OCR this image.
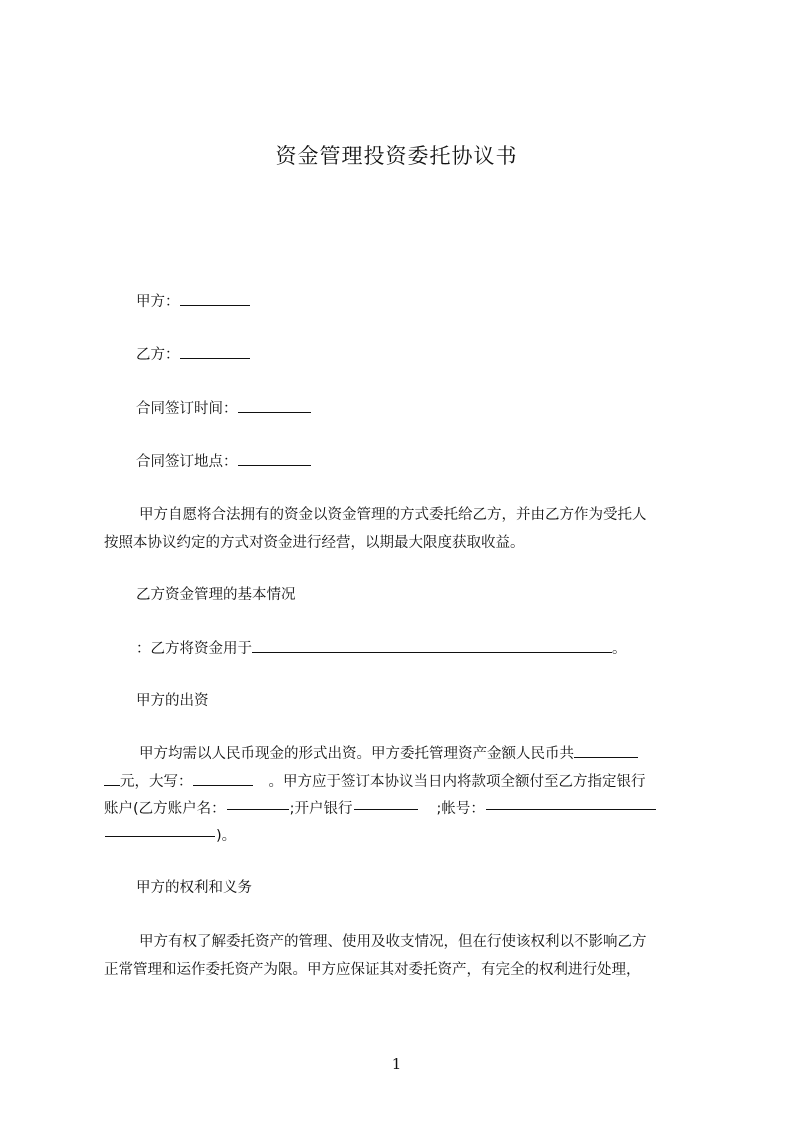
资金管理投资委托协议书
甲方：
乙方：
合同签订时间：
合同签订地点：
甲方自愿将合法拥有的资金以资金管理的方式委托给乙方，并由乙方作为受托人
按照本协议约定的方式对资金进行经营，以期最大限度获取收益。
乙方资金管理的基本情况
：乙方将资金用于	。
甲方的出资
甲方均需以人民币现金的形式出资。甲方委托管理资产金额人民币共
元，大写：	。甲方应于签订本协议当日内将款项全额付至乙方指定银行
账户(乙方账户名：	;开户银行	;帐号：
)。
甲方的权利和义务
甲方有权了解委托资产的管理、使用及收支情况，但在行使该权利以不影响乙方
正常管理和运作委托资产为限。甲方应保证其对委托资产，有完全的权利进行处理，
1
